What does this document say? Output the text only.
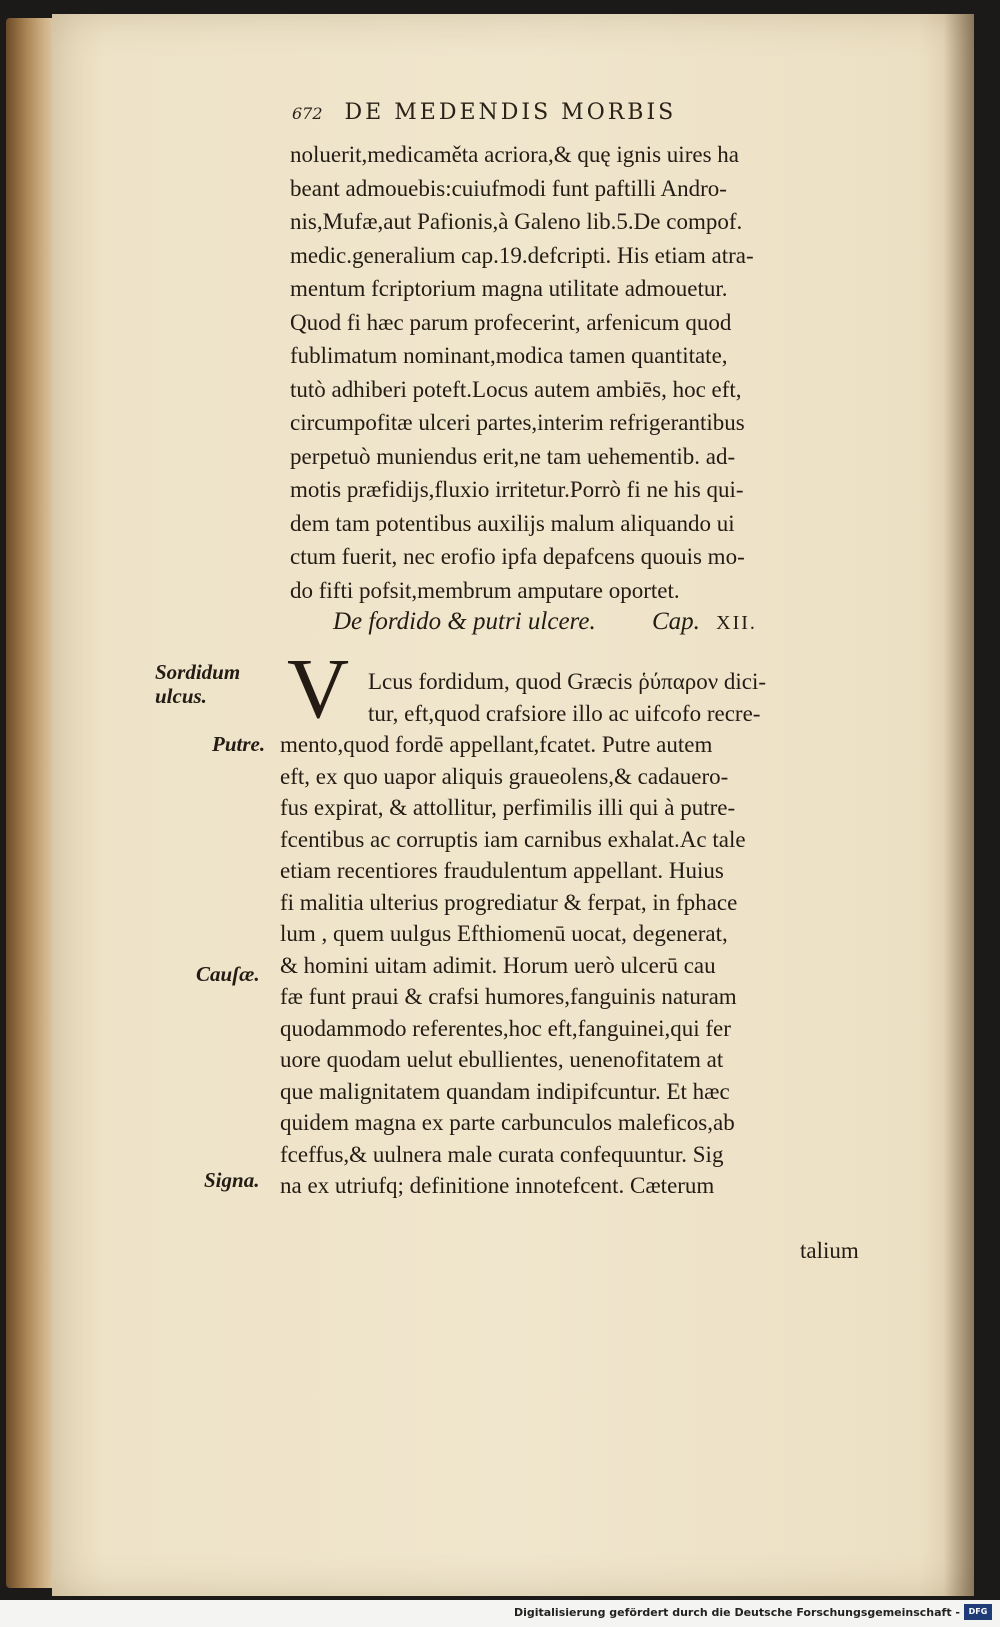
672 DE MEDENDIS MORBIS
noluerit,medicaměta acriora,& quę ignis uires ha
beant admouebis:cuiufmodi funt paftilli Andro-
nis,Mufæ,aut Pafionis,à Galeno lib.5.De compof.
medic.generalium cap.19.defcripti. His etiam atra-
mentum fcriptorium magna utilitate admouetur.
Quod fi hæc parum profecerint, arfenicum quod
fublimatum nominant,modica tamen quantitate,
tutò adhiberi poteft.Locus autem ambiēs, hoc eft,
circumpofitæ ulceri partes,interim refrigerantibus
perpetuò muniendus erit,ne tam uehementib. ad-
motis præfidijs,fluxio irritetur.Porrò fi ne his qui-
dem tam potentibus auxilijs malum aliquando ui
ctum fuerit, nec erofio ipfa depafcens quouis mo-
do fifti pofsit,membrum amputare oportet.
De fordido & putri ulcere. Cap. XII.
V Lcus fordidum, quod Græcis ῥύπαρον dici-
tur, eft,quod crafsiore illo ac uifcofo recre-
mento,quod fordē appellant,fcatet. Putre autem
eft, ex quo uapor aliquis graueolens,& cadauero-
fus expirat, & attollitur, perfimilis illi qui à putre-
fcentibus ac corruptis iam carnibus exhalat.Ac tale
etiam recentiores fraudulentum appellant. Huius
fi malitia ulterius progrediatur & ferpat, in fphace
lum , quem uulgus Efthiomenū uocat, degenerat,
& homini uitam adimit. Horum uerò ulcerū cau
fæ funt praui & crafsi humores,fanguinis naturam
quodammodo referentes,hoc eft,fanguinei,qui fer
uore quodam uelut ebullientes, uenenofitatem at
que malignitatem quandam indipifcuntur. Et hæc
quidem magna ex parte carbunculos maleficos,ab
fceffus,& uulnera male curata confequuntur. Sig
na ex utriufq; definitione innotefcent. Cæterum
Sordidum
ulcus.
Putre.
Cauſæ.
Signa.
talium
Digitalisierung gefördert durch die Deutsche Forschungsgemeinschaft -	DFG
